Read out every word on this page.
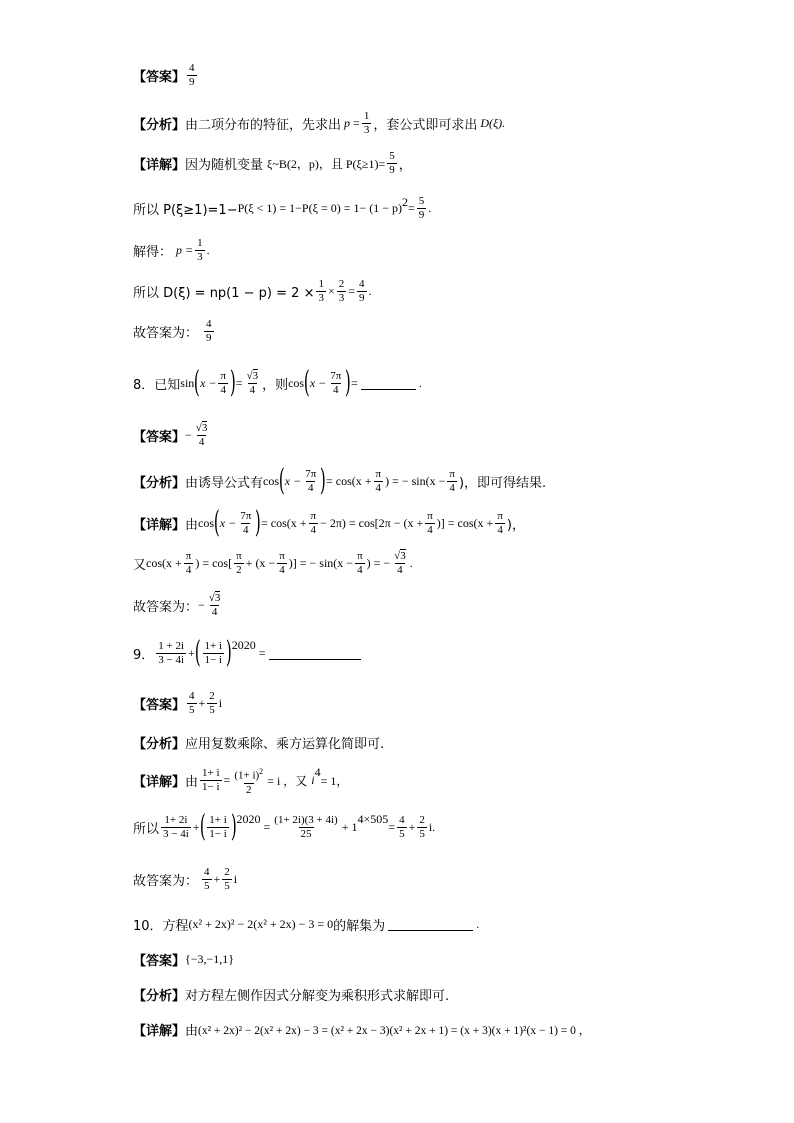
【答案】 $\frac{4}{9}$
【分析】 由二项分布的特征，先求出 $p = \frac{1}{3}$ ，套公式即可求出 D(ξ).
【详解】 因为随机变量 ξ~B(2，p)，且 $P(\xi\ge 1)= \frac{5}{9}$ ，
所以 P(ξ≥1)=1− P(ξ < 1) = 1− P(ξ = 0) = 1− (1 − p) $2 = \frac{5}{9}$ .
解得： $p = \frac{1}{3}$ .
所以 $D(\xi) = np(1 - p) = 2 \times \frac{1}{3} \times \frac{2}{3} = \frac{4}{9}$ .
故答案为： $\frac{4}{9}$
8．已知 sin ( $x - \frac{\pi}{4}$ ) = $\frac{√3}{4}$ ， 则 cos ( $x - \frac{7\pi}{4}$ ) =	.
【答案】 − $\frac{√3}{4}$
【分析】 由诱导公式有 cos ( $x - \frac{7\pi}{4}$ ) = $\cos(x + \frac{\pi}{4}$ ) = − $\sin(x - \frac{\pi}{4}$ )，即可得结果.
【详解】 由 cos ( $x - \frac{7\pi}{4}$ ) = $\cos(x + \frac{\pi}{4} - 2\pi) = \cos[2\pi - (x + \frac{\pi}{4}$ )] = $\cos(x + \frac{\pi}{4}$ )，
又 $\cos(x + \frac{\pi}{4}$ ) = $\cos[ \frac{\pi}{2} + (x - \frac{\pi}{4}$ )] = − $\sin(x - \frac{\pi}{4}$ ) = − $\frac{√3}{4}$ .
故答案为： − $\frac{√3}{4}$
9． $\frac{1 + 2i}{3 - 4i}$ + ( $\frac{1+ i}{1- i}$ ) 2020
=
【答案】 $\frac{4}{5} + \frac{2}{5}$ i
【分析】 应用复数乘除、乘方运算化简即可.
【详解】 由 $\frac{1+ i}{1- i} = \frac{(1+ i)^2}{2} = i$ ，又 i
4
= 1，
所以 $\frac{1+ 2i}{3 - 4i}$ + ( $\frac{1+ i}{1- i}$ ) 2020
= $\frac{(1+ 2i)(3 + 4i)}{25} + 1$
4×505
= $\frac{4}{5} + \frac{2}{5} i$.
故答案为： $\frac{4}{5} + \frac{2}{5}$ i
10．方程 (x² + 2x)² − 2(x² + 2x) − 3 = 0 的解集为	.
【答案】 {−3,−1,1}
【分析】 对方程左侧作因式分解变为乘积形式求解即可.
【详解】 由 (x² + 2x)² − 2(x² + 2x) − 3 = (x² + 2x − 3)(x² + 2x + 1) = (x + 3)(x + 1)²(x − 1) = 0 ，
